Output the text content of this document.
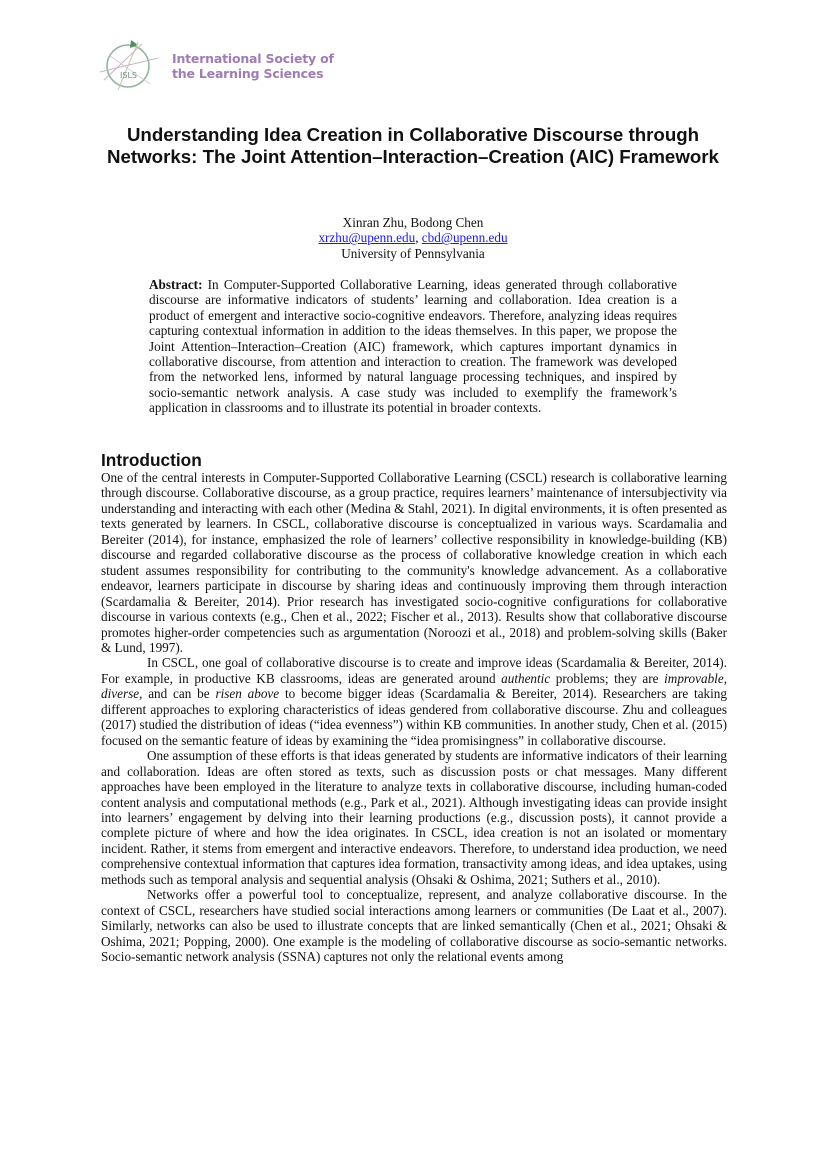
ISLS
International Society of
the Learning Sciences
Understanding Idea Creation in Collaborative Discourse through Networks: The Joint Attention–Interaction–Creation (AIC) Framework
Xinran Zhu, Bodong Chen
xrzhu@upenn.edu, cbd@upenn.edu
University of Pennsylvania
Abstract: In Computer-Supported Collaborative Learning, ideas generated through collaborative discourse are informative indicators of students’ learning and collaboration. Idea creation is a product of emergent and interactive socio-cognitive endeavors. Therefore, analyzing ideas requires capturing contextual information in addition to the ideas themselves. In this paper, we propose the Joint Attention–Interaction–Creation (AIC) framework, which captures important dynamics in collaborative discourse, from attention and interaction to creation. The framework was developed from the networked lens, informed by natural language processing techniques, and inspired by socio-semantic network analysis. A case study was included to exemplify the framework’s application in classrooms and to illustrate its potential in broader contexts.
Introduction

One of the central interests in Computer-Supported Collaborative Learning (CSCL) research is collaborative learning through discourse. Collaborative discourse, as a group practice, requires learners’ maintenance of intersubjectivity via understanding and interacting with each other (Medina & Stahl, 2021). In digital environments, it is often presented as texts generated by learners. In CSCL, collaborative discourse is conceptualized in various ways. Scardamalia and Bereiter (2014), for instance, emphasized the role of learners’ collective responsibility in knowledge-building (KB) discourse and regarded collaborative discourse as the process of collaborative knowledge creation in which each student assumes responsibility for contributing to the community's knowledge advancement. As a collaborative endeavor, learners participate in discourse by sharing ideas and continuously improving them through interaction (Scardamalia & Bereiter, 2014). Prior research has investigated socio-cognitive configurations for collaborative discourse in various contexts (e.g., Chen et al., 2022; Fischer et al., 2013). Results show that collaborative discourse promotes higher-order competencies such as argumentation (Noroozi et al., 2018) and problem-solving skills (Baker & Lund, 1997).

In CSCL, one goal of collaborative discourse is to create and improve ideas (Scardamalia & Bereiter, 2014). For example, in productive KB classrooms, ideas are generated around authentic problems; they are improvable, diverse, and can be risen above to become bigger ideas (Scardamalia & Bereiter, 2014). Researchers are taking different approaches to exploring characteristics of ideas gendered from collaborative discourse. Zhu and colleagues (2017) studied the distribution of ideas (“idea evenness”) within KB communities. In another study, Chen et al. (2015) focused on the semantic feature of ideas by examining the “idea promisingness” in collaborative discourse.

One assumption of these efforts is that ideas generated by students are informative indicators of their learning and collaboration. Ideas are often stored as texts, such as discussion posts or chat messages. Many different approaches have been employed in the literature to analyze texts in collaborative discourse, including human-coded content analysis and computational methods (e.g., Park et al., 2021). Although investigating ideas can provide insight into learners’ engagement by delving into their learning productions (e.g., discussion posts), it cannot provide a complete picture of where and how the idea originates. In CSCL, idea creation is not an isolated or momentary incident. Rather, it stems from emergent and interactive endeavors. Therefore, to understand idea production, we need comprehensive contextual information that captures idea formation, transactivity among ideas, and idea uptakes, using methods such as temporal analysis and sequential analysis (Ohsaki & Oshima, 2021; Suthers et al., 2010).

Networks offer a powerful tool to conceptualize, represent, and analyze collaborative discourse. In the context of CSCL, researchers have studied social interactions among learners or communities (De Laat et al., 2007). Similarly, networks can also be used to illustrate concepts that are linked semantically (Chen et al., 2021; Ohsaki & Oshima, 2021; Popping, 2000). One example is the modeling of collaborative discourse as socio-semantic networks. Socio-semantic network analysis (SSNA) captures not only the relational events among
